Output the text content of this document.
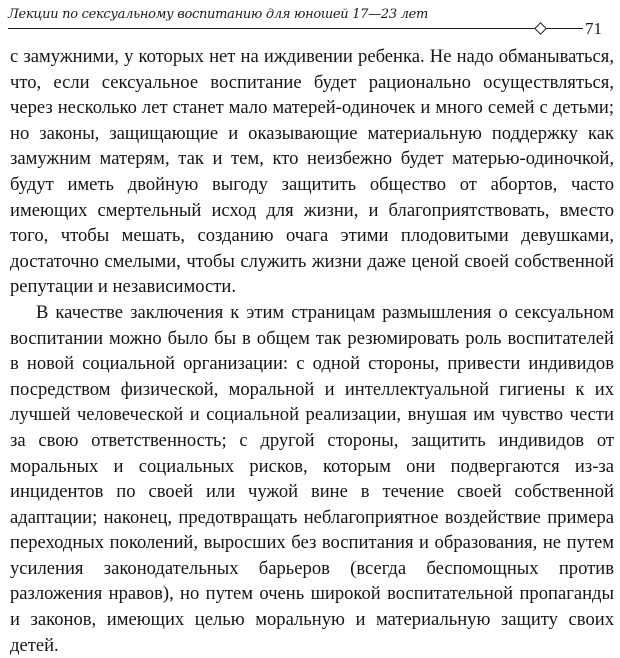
Лекции по сексуальному воспитанию для юношей 17—23 лет
71

с замужними, у которых нет на иждивении ребенка. Не надо обманываться, что, если сексуальное воспитание будет рационально осуществляться, через несколько лет станет мало матерей-одиночек и много семей с детьми; но законы, защищающие и оказывающие материальную поддержку как замужним матерям, так и тем, кто неизбежно будет матерью-одиночкой, будут иметь двойную выгоду защитить общество от абортов, часто имеющих смертельный исход для жизни, и благоприятствовать, вместо того, чтобы мешать, созданию очага этими плодовитыми девушками, достаточно смелыми, чтобы служить жизни даже ценой своей собственной репутации и независимости.

В качестве заключения к этим страницам размышления о сексуальном воспитании можно было бы в общем так резюмировать роль воспитателей в новой социальной организации: с одной стороны, привести индивидов посредством физической, моральной и интеллектуальной гигиены к их лучшей человеческой и социальной реализации, внушая им чувство чести за свою ответственность; с другой стороны, защитить индивидов от моральных и социальных рисков, которым они подвергаются из-за инцидентов по своей или чужой вине в течение своей собственной адаптации; наконец, предотвращать неблагоприятное воздействие примера переходных поколений, выросших без воспитания и образования, не путем усиления законодательных барьеров (всегда беспомощных против разложения нравов), но путем очень широкой воспитательной пропаганды и законов, имеющих целью моральную и материальную защиту своих детей.
